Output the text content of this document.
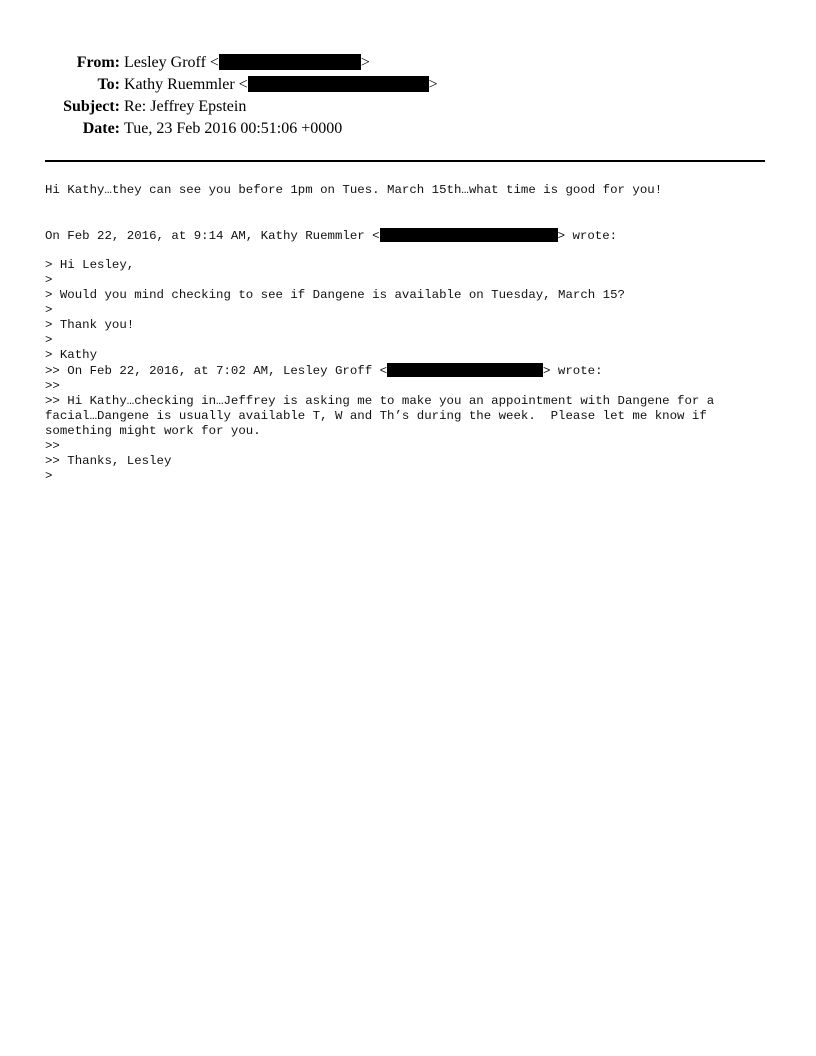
From: Lesley Groff <	>
To: Kathy Ruemmler <	>
Subject: Re: Jeffrey Epstein
Date: Tue, 23 Feb 2016 00:51:06 +0000
Hi Kathy…they can see you before 1pm on Tues. March 15th…what time is good for you!
On Feb 22, 2016, at 9:14 AM, Kathy Ruemmler <	> wrote:
> Hi Lesley,
>
> Would you mind checking to see if Dangene is available on Tuesday, March 15?
>
> Thank you!
>
> Kathy
>> On Feb 22, 2016, at 7:02 AM, Lesley Groff <	> wrote:
>>
>> Hi Kathy…checking in…Jeffrey is asking me to make you an appointment with Dangene for a
facial…Dangene is usually available T, W and Th’s during the week.  Please let me know if
something might work for you.
>>
>> Thanks, Lesley
>
